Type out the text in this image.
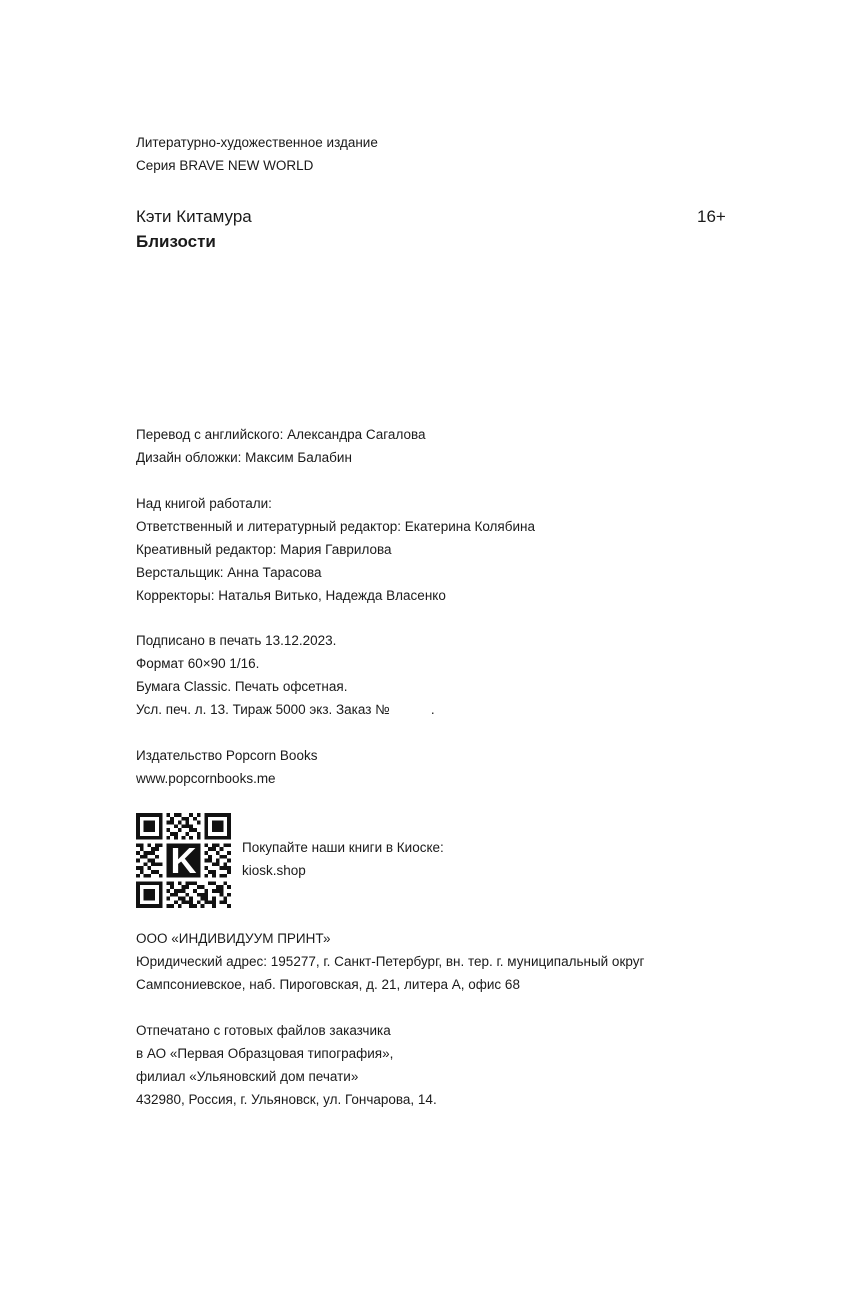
Литературно-художественное издание
Серия BRAVE NEW WORLD
Кэти Китамура	16+
Близости
Перевод с английского: Александра Сагалова
Дизайн обложки: Максим Балабин
Над книгой работали:
Ответственный и литературный редактор: Екатерина Колябина
Креативный редактор: Мария Гаврилова
Верстальщик: Анна Тарасова
Корректоры: Наталья Витько, Надежда Власенко
Подписано в печать 13.12.2023.
Формат 60×90 1/16.
Бумага Classic. Печать офсетная.
Усл. печ. л. 13. Тираж 5000 экз. Заказ №           .
Издательство Popcorn Books
www.popcornbooks.me
K	Покупайте наши книги в Киоске:
kiosk.shop
ООО «ИНДИВИДУУМ ПРИНТ»
Юридический адрес: 195277, г. Санкт-Петербург, вн. тер. г. муниципальный округ
Сампсониевское, наб. Пироговская, д. 21, литера А, офис 68
Отпечатано с готовых файлов заказчика
в АО «Первая Образцовая типография»,
филиал «Ульяновский дом печати»
432980, Россия, г. Ульяновск, ул. Гончарова, 14.
